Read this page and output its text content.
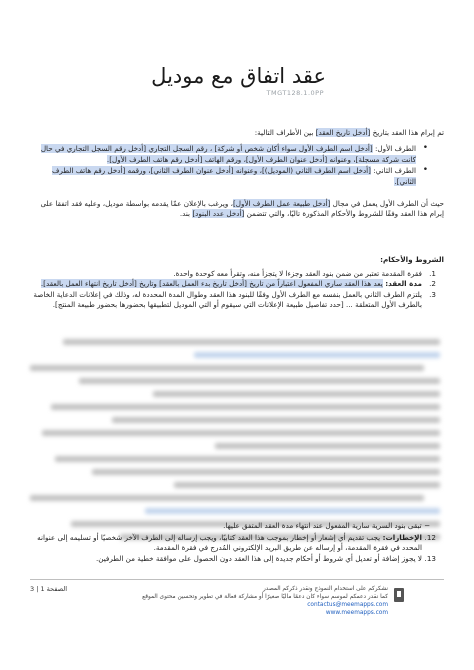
عقد اتفاق مع موديل
TMGT128.1.0PP
تم إبرام هذا العقد بتاريخ [أدخل تاريخ العقد] بين الأطراف التالية:
• الطرف الأول: [أدخل اسم الطرف الأول سواء أكان شخص أو شركة] ، رقم السجل التجاري [أدخل رقم السجل التجاري في حال كانت شركة مسجلة]، وعنوانه [أدخل عنوان الطرف الأول]، ورقم الهاتف [أدخل رقم هاتف الطرف الأول].
• الطرف الثاني: [أدخل اسم الطرف الثاني (الموديل)]، وعنوانه [أدخل عنوان الطرف الثاني]، ورقمه [أدخل رقم هاتف الطرف الثاني].
حيث أن الطرف الأول يعمل في مجال [أدخل طبيعة عمل الطرف الأول]، ويرغب بالإعلان عمّا يقدمه بواسطة موديل، وعليه فقد اتفقا على إبرام هذا العقد وفقًا للشروط والأحكام المذكورة تاليًا، والتي تتضمن [أدخل عدد البنود] بند.
الشروط والأحكام:
1.
فقرة المقدمة تعتبر من ضمن بنود العقد وجزءا لا يتجزأ منه، وتقرأ معه كوحدة واحدة.
2.
مدة العقد: يعد هذا العقد ساري المفعول اعتباراً من تاريخ [أدخل تاريخ بدء العمل بالعقد] وتاريخ [أدخل تاريخ انتهاء العمل بالعقد].
3.
يلتزم الطرف الثاني بالعمل بنفسه مع الطرف الأول وفقًا للبنود هذا العقد وطوال المدة المحددة له، وذلك في إعلانات الدعاية الخاصة بالطرف الأول المتعلقة ... [حدد تفاصيل طبيعة الإعلانات التي سيقوم أو التي الموديل لتطبيقها بحضورها بحضور طبيعة المنتج].
− تبقى بنود السرية سارية المفعول عند انتهاء مدة العقد المتفق عليها.
12.
الإخطارات: يجب تقديم أي إشعار أو إخطار بموجب هذا العقد كتابيًا، ويجب إرساله إلى الطرف الآخر شخصيًا أو تسليمه إلى عنوانه المحدد في فقرة المقدمة، أو إرساله عن طريق البريد الإلكتروني المُدرج في فقرة المقدمة.
13.
لا يجوز إضافة أو تعديل أي شروط أو أحكام جديدة إلى هذا العقد دون الحصول على موافقة خطية من الطرفين.
الصفحة 1 | 3	نشكركم على استخدام النموذج ونقدر ذكركم المصدر
كما نقدر دعمكم لموسم سواء كان دعمًا ماليًا صغيرًا أو مشاركة فعالة في تطوير وتحسين محتوى الموقع
contactus@meemapps.com
www.meemapps.com
